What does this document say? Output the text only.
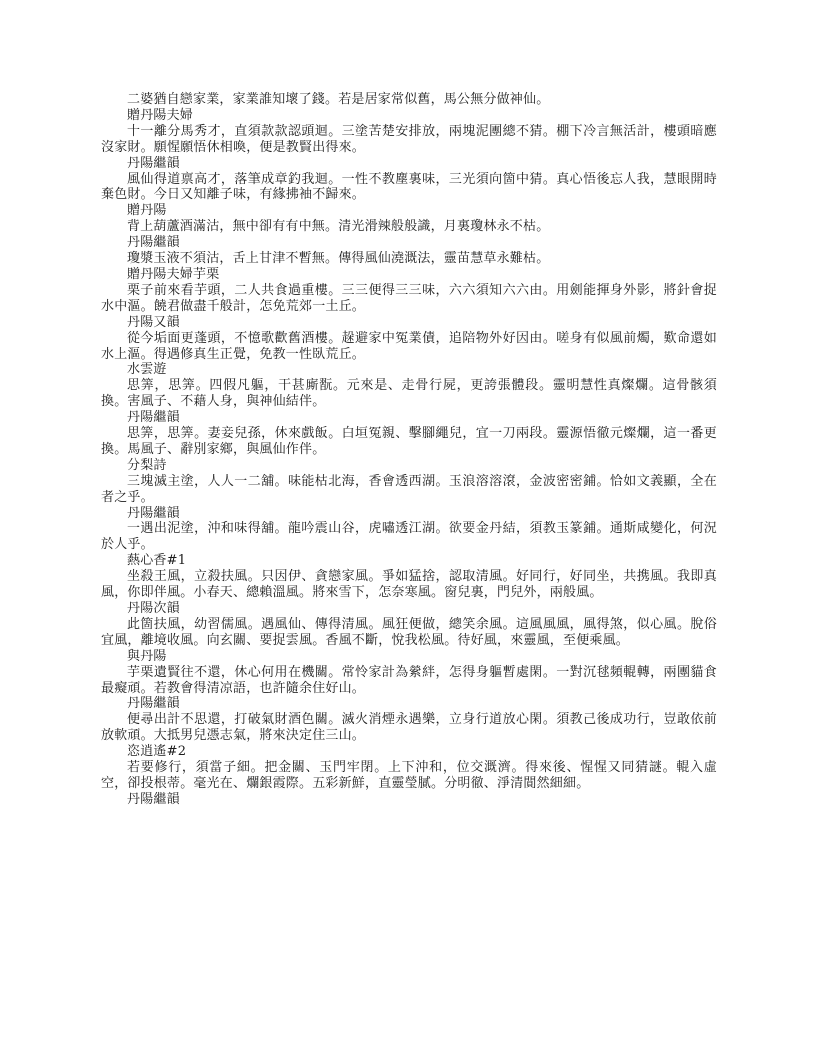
二婆猶自戀家業，家業誰知壞了錢。若是居家常似舊，馬公無分做神仙。

贈丹陽夫婦

十一離分馬秀才，直須款款認頭迴。三塗苦楚安排放，兩塊泥團總不猜。棚下冷言無活計，樓頭暗應沒家財。願惺願悟休相喚，便是教賢出得來。

丹陽繼韻

風仙得道禀高才，落筆成章釣我迴。一性不教塵裏味，三光須向箇中猜。真心悟後忘人我，慧眼開時棄色財。今日又知離子味，有緣拂袖不歸來。

贈丹陽

背上葫蘆酒滿沽，無中卻有有中無。清光滑辣般般識，月裏瓊林永不枯。

丹陽繼韻

瓊漿玉液不須沽，舌上甘津不暫無。傳得風仙澆溉法，靈苗慧草永難枯。

贈丹陽夫婦芋栗

栗子前來看芋頭，二人共食過重樓。三三便得三三味，六六須知六六由。用劍能揮身外影，將針會捉水中漚。饒君做盡千般計，怎免荒郊一土丘。

丹陽又韻

從今垢面更蓬頭，不憶歌歡舊酒樓。趓避家中冤業債，追陪物外好因由。嗟身有似風前燭，歎命還如水上漚。得遇修真生正覺，免教一性臥荒丘。

水雲遊

思筭，思筭。四假凡軀，干甚廝翫。元來是、走骨行屍，更誇張體段。靈明慧性真燦爛。這骨骸須換。害風子、不藉人身，與神仙結伴。

丹陽繼韻

思筭，思筭。妻妾兒孫，休來戲飯。白垣冤親、擊腳繩兒，宜一刀兩段。靈源悟徹元燦爛，這一番更換。馬風子、辭別家鄉，與風仙作伴。

分梨詩

三塊滅主塗，人人一二舖。味能枯北海，香會透西湖。玉浪溶溶滾，金波密密鋪。恰如文義顯，全在者之乎。

丹陽繼韻

一遇出泥塗，沖和味得舖。龍吟震山谷，虎嘯透江湖。欲要金丹結，須教玉篆鋪。通斯咸變化，何況於人乎。

爇心香#1

坐殺王風，立殺扶風。只因伊、貪戀家風。爭如猛捨，認取清風。好同行，好同坐，共携風。我即真風，你即伴風。小春天、總賴溫風。將來雪下，怎奈寒風。窗兒裏，門兒外，兩般風。

丹陽次韻

此箇扶風，幼習儒風。遇風仙、傳得清風。風狂便做，總笑余風。這風風風，風得煞，似心風。脫俗宜風，離境收風。向玄關、要捉雲風。香風不斷，悅我松風。待好風，來靈風，至便乘風。

與丹陽

芋栗遺賢往不還，休心何用在機關。常怜家計為縈絆，怎得身軀暫處閑。一對沉毬頻輥轉，兩團貓食最癡頑。若教會得清凉語，也許隨余住好山。

丹陽繼韻

便尋出計不思還，打破氣財酒色關。滅火消煙永遇樂，立身行道放心閑。須教己後成功行，豈敢依前放軟頑。大抵男兒憑志氣，將來決定住三山。

恣逍遙#2

若要修行，須當子細。把金關、玉門牢閉。上下沖和，位交溉濟。得來後、惺惺又同猜謎。輥入虛空，卻投根蒂。毫光在、爛銀霞際。五彩新鮮，直靈瑩膩。分明徹、淨清閴然細細。

丹陽繼韻
